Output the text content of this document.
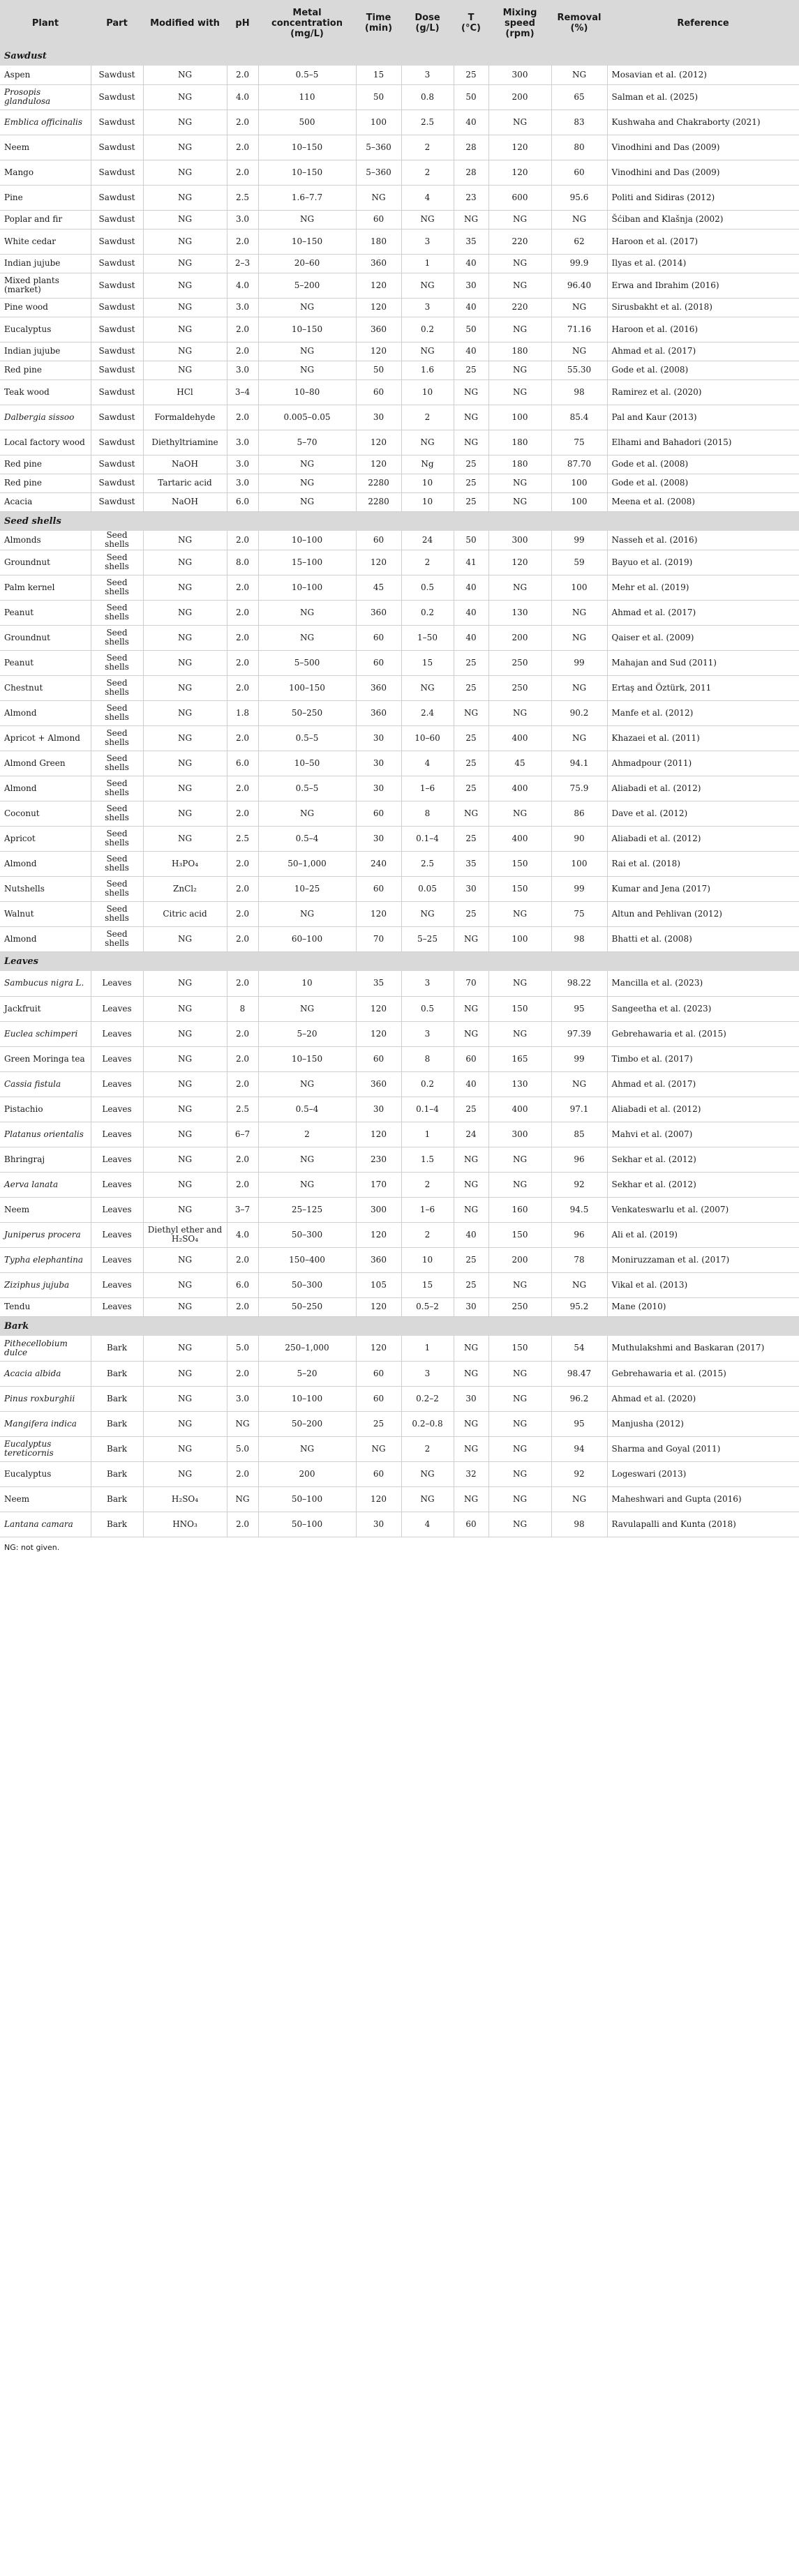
Plant	Part	Modified with	pH	Metal concentration (mg/L)	Time (min)	Dose (g/L)	T (°C)	Mixing speed (rpm)	Removal (%)	Reference
Sawdust										
Aspen	Sawdust	NG	2.0	0.5–5	15	3	25	300	NG	Mosavian et al. (2012)
Prosopis glandulosa	Sawdust	NG	4.0	110	50	0.8	50	200	65	Salman et al. (2025)
Emblica officinalis	Sawdust	NG	2.0	500	100	2.5	40	NG	83	Kushwaha and Chakraborty (2021)
Neem	Sawdust	NG	2.0	10–150	5–360	2	28	120	80	Vinodhini and Das (2009)
Mango	Sawdust	NG	2.0	10–150	5–360	2	28	120	60	Vinodhini and Das (2009)
Pine	Sawdust	NG	2.5	1.6–7.7	NG	4	23	600	95.6	Politi and Sidiras (2012)
Poplar and fir	Sawdust	NG	3.0	NG	60	NG	NG	NG	NG	Šćiban and Klašnja (2002)
White cedar	Sawdust	NG	2.0	10–150	180	3	35	220	62	Haroon et al. (2017)
Indian jujube	Sawdust	NG	2–3	20–60	360	1	40	NG	99.9	Ilyas et al. (2014)
Mixed plants (market)	Sawdust	NG	4.0	5–200	120	NG	30	NG	96.40	Erwa and Ibrahim (2016)
Pine wood	Sawdust	NG	3.0	NG	120	3	40	220	NG	Sirusbakht et al. (2018)
Eucalyptus	Sawdust	NG	2.0	10–150	360	0.2	50	NG	71.16	Haroon et al. (2016)
Indian jujube	Sawdust	NG	2.0	NG	120	NG	40	180	NG	Ahmad et al. (2017)
Red pine	Sawdust	NG	3.0	NG	50	1.6	25	NG	55.30	Gode et al. (2008)
Teak wood	Sawdust	HCl	3–4	10–80	60	10	NG	NG	98	Ramirez et al. (2020)
Dalbergia sissoo	Sawdust	Formaldehyde	2.0	0.005–0.05	30	2	NG	100	85.4	Pal and Kaur (2013)
Local factory wood	Sawdust	Diethyltriamine	3.0	5–70	120	NG	NG	180	75	Elhami and Bahadori (2015)
Red pine	Sawdust	NaOH	3.0	NG	120	Ng	25	180	87.70	Gode et al. (2008)
Red pine	Sawdust	Tartaric acid	3.0	NG	2280	10	25	NG	100	Gode et al. (2008)
Acacia	Sawdust	NaOH	6.0	NG	2280	10	25	NG	100	Meena et al. (2008)
Seed shells										
Almonds	Seed shells	NG	2.0	10–100	60	24	50	300	99	Nasseh et al. (2016)
Groundnut	Seed shells	NG	8.0	15–100	120	2	41	120	59	Bayuo et al. (2019)
Palm kernel	Seed shells	NG	2.0	10–100	45	0.5	40	NG	100	Mehr et al. (2019)
Peanut	Seed shells	NG	2.0	NG	360	0.2	40	130	NG	Ahmad et al. (2017)
Groundnut	Seed shells	NG	2.0	NG	60	1–50	40	200	NG	Qaiser et al. (2009)
Peanut	Seed shells	NG	2.0	5–500	60	15	25	250	99	Mahajan and Sud (2011)
Chestnut	Seed shells	NG	2.0	100–150	360	NG	25	250	NG	Ertaş and Öztürk, 2011
Almond	Seed shells	NG	1.8	50–250	360	2.4	NG	NG	90.2	Manfe et al. (2012)
Apricot + Almond	Seed shells	NG	2.0	0.5–5	30	10–60	25	400	NG	Khazaei et al. (2011)
Almond Green	Seed shells	NG	6.0	10–50	30	4	25	45	94.1	Ahmadpour (2011)
Almond	Seed shells	NG	2.0	0.5–5	30	1–6	25	400	75.9	Aliabadi et al. (2012)
Coconut	Seed shells	NG	2.0	NG	60	8	NG	NG	86	Dave et al. (2012)
Apricot	Seed shells	NG	2.5	0.5–4	30	0.1–4	25	400	90	Aliabadi et al. (2012)
Almond	Seed shells	H₃PO₄	2.0	50–1,000	240	2.5	35	150	100	Rai et al. (2018)
Nutshells	Seed shells	ZnCl₂	2.0	10–25	60	0.05	30	150	99	Kumar and Jena (2017)
Walnut	Seed shells	Citric acid	2.0	NG	120	NG	25	NG	75	Altun and Pehlivan (2012)
Almond	Seed shells	NG	2.0	60–100	70	5–25	NG	100	98	Bhatti et al. (2008)
Leaves										
Sambucus nigra L.	Leaves	NG	2.0	10	35	3	70	NG	98.22	Mancilla et al. (2023)
Jackfruit	Leaves	NG	8	NG	120	0.5	NG	150	95	Sangeetha et al. (2023)
Euclea schimperi	Leaves	NG	2.0	5–20	120	3	NG	NG	97.39	Gebrehawaria et al. (2015)
Green Moringa tea	Leaves	NG	2.0	10–150	60	8	60	165	99	Timbo et al. (2017)
Cassia fistula	Leaves	NG	2.0	NG	360	0.2	40	130	NG	Ahmad et al. (2017)
Pistachio	Leaves	NG	2.5	0.5–4	30	0.1–4	25	400	97.1	Aliabadi et al. (2012)
Platanus orientalis	Leaves	NG	6–7	2	120	1	24	300	85	Mahvi et al. (2007)
Bhringraj	Leaves	NG	2.0	NG	230	1.5	NG	NG	96	Sekhar et al. (2012)
Aerva lanata	Leaves	NG	2.0	NG	170	2	NG	NG	92	Sekhar et al. (2012)
Neem	Leaves	NG	3–7	25–125	300	1–6	NG	160	94.5	Venkateswarlu et al. (2007)
Juniperus procera	Leaves	Diethyl ether and H₂SO₄	4.0	50–300	120	2	40	150	96	Ali et al. (2019)
Typha elephantina	Leaves	NG	2.0	150–400	360	10	25	200	78	Moniruzzaman et al. (2017)
Ziziphus jujuba	Leaves	NG	6.0	50–300	105	15	25	NG	NG	Vikal et al. (2013)
Tendu	Leaves	NG	2.0	50–250	120	0.5–2	30	250	95.2	Mane (2010)
Bark										
Pithecellobium dulce	Bark	NG	5.0	250–1,000	120	1	NG	150	54	Muthulakshmi and Baskaran (2017)
Acacia albida	Bark	NG	2.0	5–20	60	3	NG	NG	98.47	Gebrehawaria et al. (2015)
Pinus roxburghii	Bark	NG	3.0	10–100	60	0.2–2	30	NG	96.2	Ahmad et al. (2020)
Mangifera indica	Bark	NG	NG	50–200	25	0.2–0.8	NG	NG	95	Manjusha (2012)
Eucalyptus tereticornis	Bark	NG	5.0	NG	NG	2	NG	NG	94	Sharma and Goyal (2011)
Eucalyptus	Bark	NG	2.0	200	60	NG	32	NG	92	Logeswari (2013)
Neem	Bark	H₂SO₄	NG	50–100	120	NG	NG	NG	NG	Maheshwari and Gupta (2016)
Lantana camara	Bark	HNO₃	2.0	50–100	30	4	60	NG	98	Ravulapalli and Kunta (2018)
NG: not given.
